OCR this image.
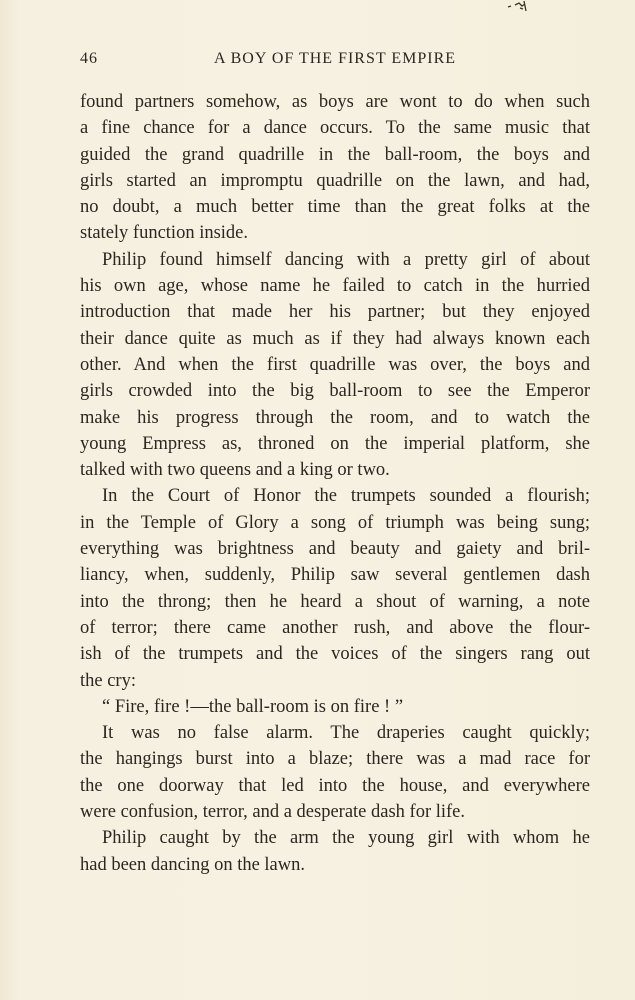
46	A BOY OF THE FIRST EMPIRE
found partners somehow, as boys are wont to do when such
a fine chance for a dance occurs. To the same music that
guided the grand quadrille in the ball-room, the boys and
girls started an impromptu quadrille on the lawn, and had,
no doubt, a much better time than the great folks at the
stately function inside.
Philip found himself dancing with a pretty girl of about
his own age, whose name he failed to catch in the hurried
introduction that made her his partner; but they enjoyed
their dance quite as much as if they had always known each
other. And when the first quadrille was over, the boys and
girls crowded into the big ball-room to see the Emperor
make his progress through the room, and to watch the
young Empress as, throned on the imperial platform, she
talked with two queens and a king or two.
In the Court of Honor the trumpets sounded a flourish;
in the Temple of Glory a song of triumph was being sung;
everything was brightness and beauty and gaiety and bril-
liancy, when, suddenly, Philip saw several gentlemen dash
into the throng; then he heard a shout of warning, a note
of terror; there came another rush, and above the flour-
ish of the trumpets and the voices of the singers rang out
the cry:
“ Fire, fire !—the ball-room is on fire ! ”
It was no false alarm. The draperies caught quickly;
the hangings burst into a blaze; there was a mad race for
the one doorway that led into the house, and everywhere
were confusion, terror, and a desperate dash for life.
Philip caught by the arm the young girl with whom he
had been dancing on the lawn.
